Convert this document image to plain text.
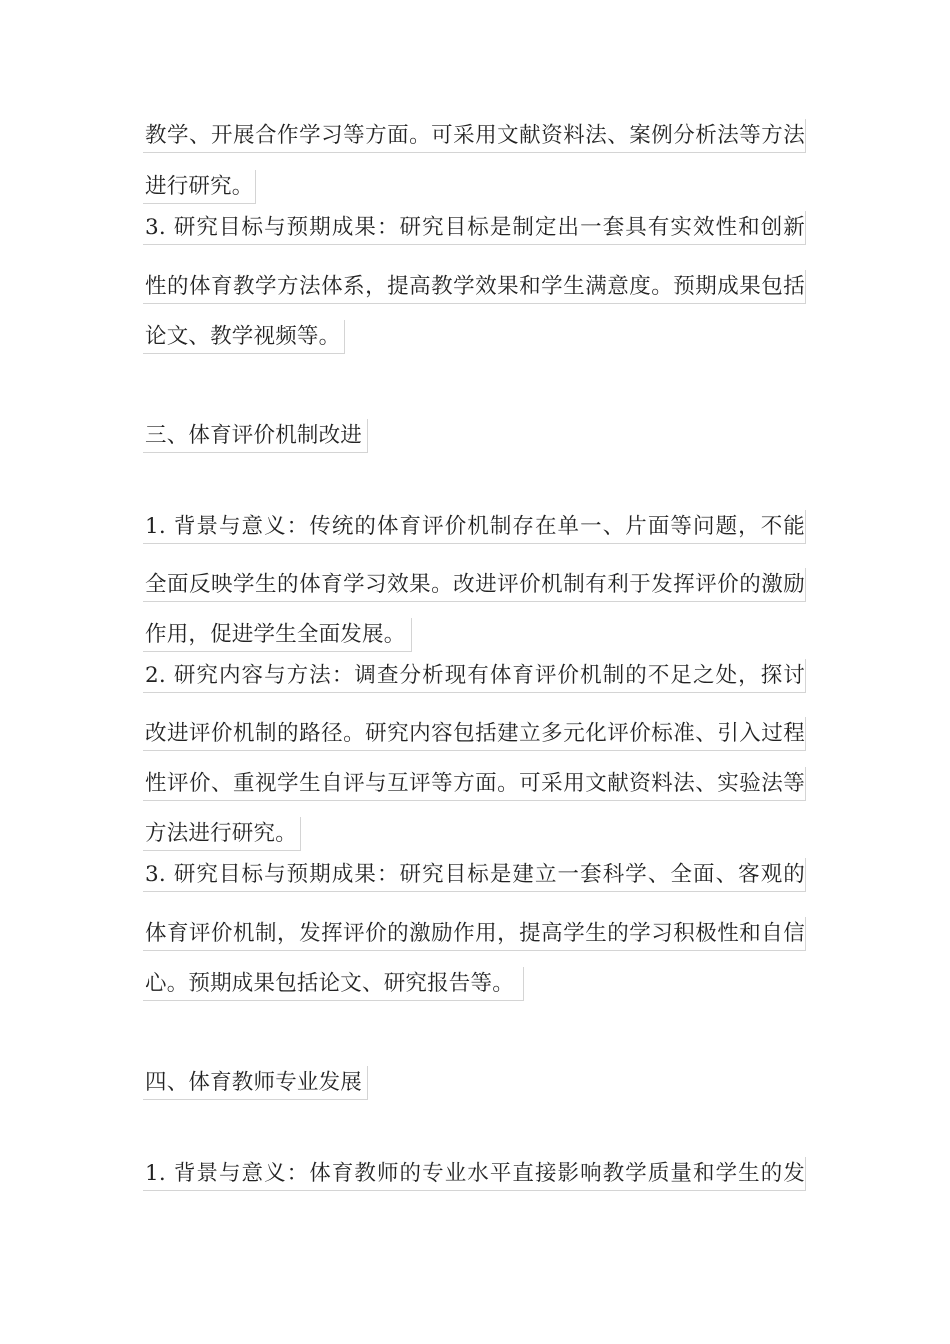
教学、开展合作学习等方面。可采用文献资料法、案例分析法等方法
进行研究。
3. 研究目标与预期成果：研究目标是制定出一套具有实效性和创新
性的体育教学方法体系，提高教学效果和学生满意度。预期成果包括
论文、教学视频等。
三、体育评价机制改进
1. 背景与意义：传统的体育评价机制存在单一、片面等问题，不能
全面反映学生的体育学习效果。改进评价机制有利于发挥评价的激励
作用，促进学生全面发展。
2. 研究内容与方法：调查分析现有体育评价机制的不足之处，探讨
改进评价机制的路径。研究内容包括建立多元化评价标准、引入过程
性评价、重视学生自评与互评等方面。可采用文献资料法、实验法等
方法进行研究。
3. 研究目标与预期成果：研究目标是建立一套科学、全面、客观的
体育评价机制，发挥评价的激励作用，提高学生的学习积极性和自信
心。预期成果包括论文、研究报告等。
四、体育教师专业发展
1. 背景与意义：体育教师的专业水平直接影响教学质量和学生的发
